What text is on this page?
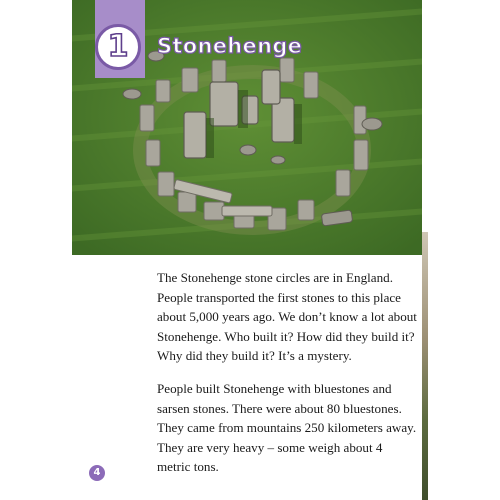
1 Stonehenge

The Stonehenge stone circles are in England. People transported the first stones to this place about 5,000 years ago. We don’t know a lot about Stonehenge. Who built it? How did they build it? Why did they build it? It’s a mystery.

People built Stonehenge with bluestones and sarsen stones. There were about 80 bluestones. They came from mountains 250 kilometers away. They are very heavy – some weigh about 4 metric tons.

4
